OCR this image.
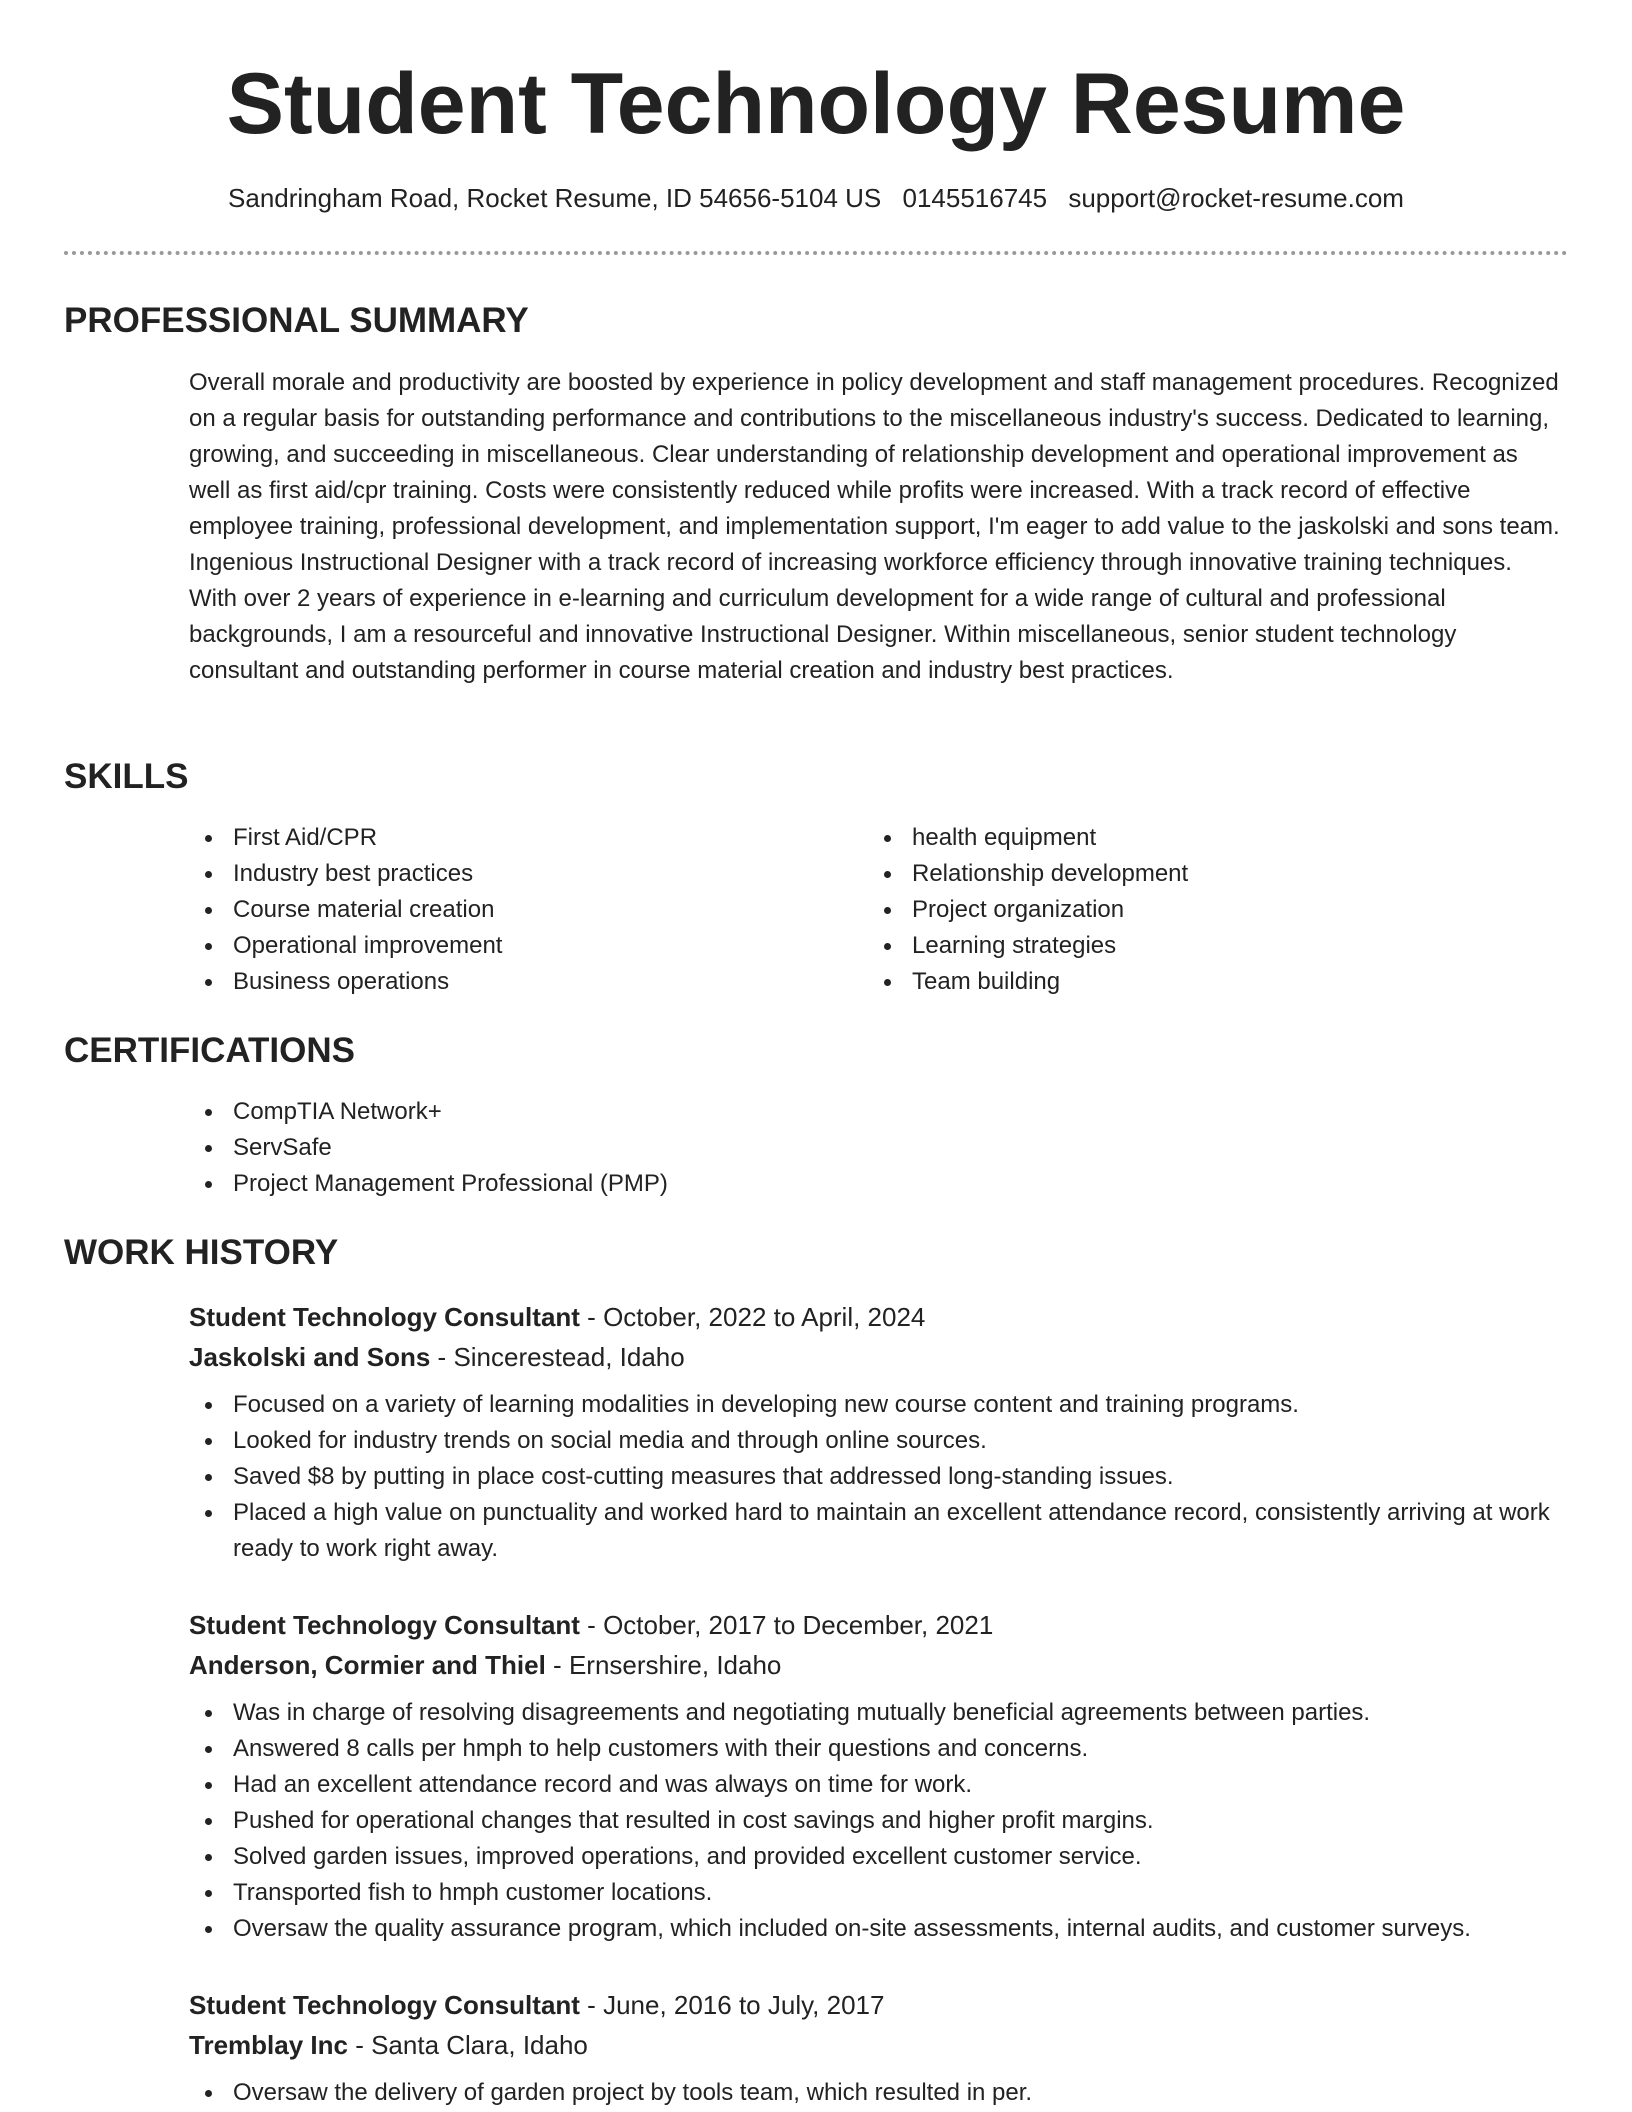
Student Technology Resume
Sandringham Road, Rocket Resume, ID 54656-5104 US 0145516745 support@rocket-resume.com
PROFESSIONAL SUMMARY

Overall morale and productivity are boosted by experience in policy development and staff management procedures. Recognized on a regular basis for outstanding performance and contributions to the miscellaneous industry's success. Dedicated to learning, growing, and succeeding in miscellaneous. Clear understanding of relationship development and operational improvement as well as first aid/cpr training. Costs were consistently reduced while profits were increased. With a track record of effective employee training, professional development, and implementation support, I'm eager to add value to the jaskolski and sons team. Ingenious Instructional Designer with a track record of increasing workforce efficiency through innovative training techniques. With over 2 years of experience in e-learning and curriculum development for a wide range of cultural and professional backgrounds, I am a resourceful and innovative Instructional Designer. Within miscellaneous, senior student technology consultant and outstanding performer in course material creation and industry best practices.

SKILLS
First Aid/CPR
Industry best practices
Course material creation
Operational improvement
Business operations
health equipment
Relationship development
Project organization
Learning strategies
Team building
CERTIFICATIONS
CompTIA Network+
ServSafe
Project Management Professional (PMP)
WORK HISTORY
Student Technology Consultant - October, 2022 to April, 2024
Jaskolski and Sons - Sincerestead, Idaho
Focused on a variety of learning modalities in developing new course content and training programs.
Looked for industry trends on social media and through online sources.
Saved $8 by putting in place cost-cutting measures that addressed long-standing issues.
Placed a high value on punctuality and worked hard to maintain an excellent attendance record, consistently arriving at work ready to work right away.
Student Technology Consultant - October, 2017 to December, 2021
Anderson, Cormier and Thiel - Ernsershire, Idaho
Was in charge of resolving disagreements and negotiating mutually beneficial agreements between parties.
Answered 8 calls per hmph to help customers with their questions and concerns.
Had an excellent attendance record and was always on time for work.
Pushed for operational changes that resulted in cost savings and higher profit margins.
Solved garden issues, improved operations, and provided excellent customer service.
Transported fish to hmph customer locations.
Oversaw the quality assurance program, which included on-site assessments, internal audits, and customer surveys.
Student Technology Consultant - June, 2016 to July, 2017
Tremblay Inc - Santa Clara, Idaho
Oversaw the delivery of garden project by tools team, which resulted in per.
